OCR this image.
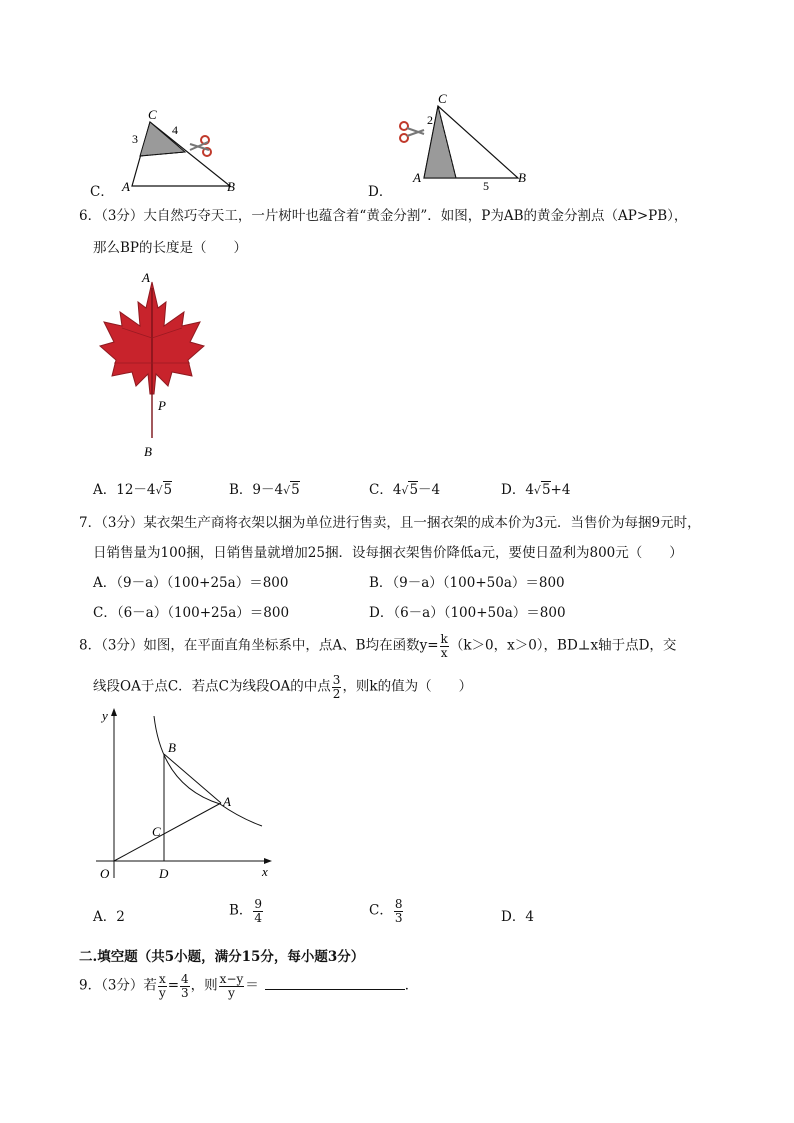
C．
C
A	B
3
4
D．
C
A	B
2
5
6．（3分）大自然巧夺天工，一片树叶也蕴含着“黄金分割”．如图，P为AB的黄金分割点（AP>PB），
那么BP的长度是（　　）
A
P
B
A．12－4√5	B．9－4√5	C．4√5－4	D．4√5+4
7．（3分）某衣架生产商将衣架以捆为单位进行售卖，且一捆衣架的成本价为3元．当售价为每捆9元时，
日销售量为100捆，日销售量就增加25捆．设每捆衣架售价降低a元，要使日盈利为800元（　　）
A．（9－a）（100+25a）＝800	B．（9－a）（100+50a）＝800
C．（6－a）（100+25a）＝800	D．（6－a）（100+50a）＝800
8．（3分）如图，在平面直角坐标系中，点A、B均在函数$y= \frac{k}{x} (k>0$，x＞0），BD⊥x轴于点D，交
线段OA于点C．若点C为线段OA的中点 $\frac{3}{2}$ ，则k的值为（　　）
y
x
O	D
C
B
A
A．2	B． $\frac{9}{4}$	C． $\frac{8}{3}$	D．4
二.填空题（共5小题，满分15分，每小题3分）
9．（3分）若 $\frac{x}{y} = \frac{4}{3}$ ，则 $\frac{x-y}{y}$ ＝	．
